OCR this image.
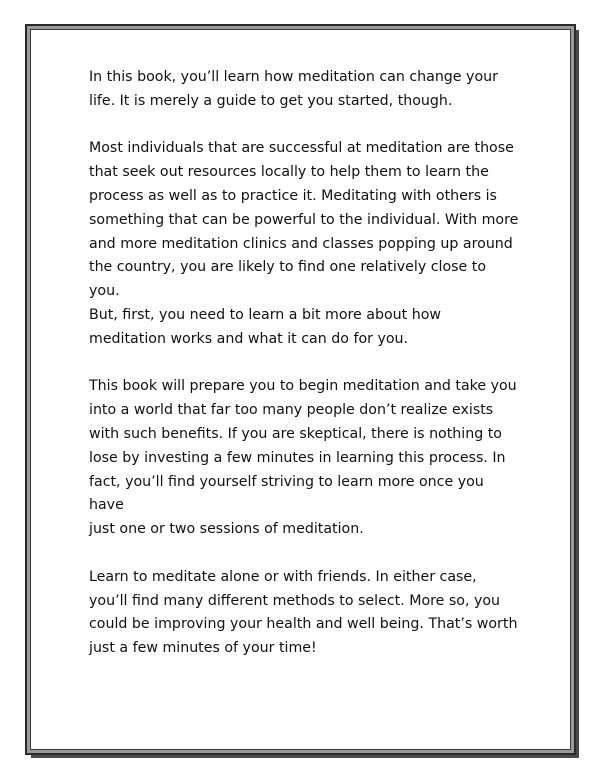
In this book, you’ll learn how meditation can change your
life. It is merely a guide to get you started, though.

Most individuals that are successful at meditation are those
that seek out resources locally to help them to learn the
process as well as to practice it. Meditating with others is
something that can be powerful to the individual. With more
and more meditation clinics and classes popping up around
the country, you are likely to find one relatively close to you.
But, first, you need to learn a bit more about how
meditation works and what it can do for you.

This book will prepare you to begin meditation and take you
into a world that far too many people don’t realize exists
with such benefits. If you are skeptical, there is nothing to
lose by investing a few minutes in learning this process. In
fact, you’ll find yourself striving to learn more once you have
just one or two sessions of meditation.

Learn to meditate alone or with friends. In either case,
you’ll find many different methods to select. More so, you
could be improving your health and well being. That’s worth
just a few minutes of your time!
